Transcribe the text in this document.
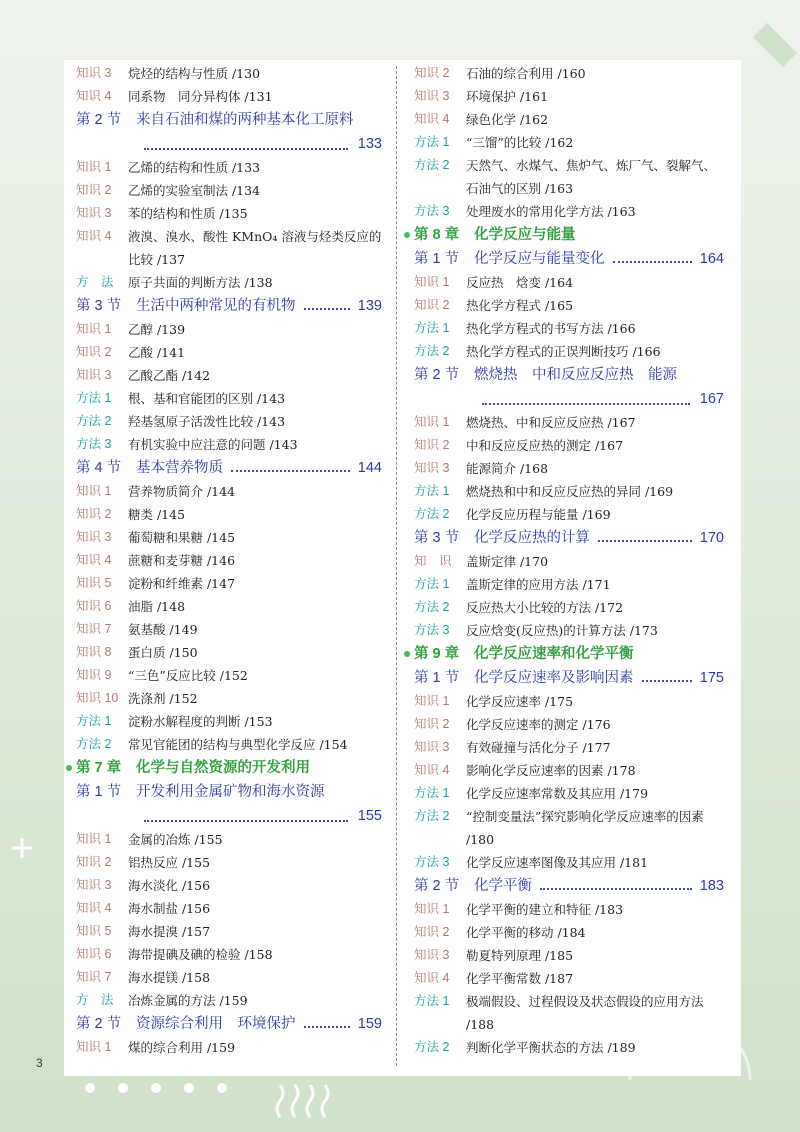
知识 3	烷烃的结构与性质 /130
知识 4	同系物　同分异构体 /131
第 2 节	来自石油和煤的两种基本化工原料
133
知识 1	乙烯的结构和性质 /133
知识 2	乙烯的实验室制法 /134
知识 3	苯的结构和性质 /135
知识 4	液溴、溴水、酸性 KMnO₄ 溶液与烃类反应的比较 /137
方　法	原子共面的判断方法 /138
第 3 节	生活中两种常见的有机物	139
知识 1	乙醇 /139
知识 2	乙酸 /141
知识 3	乙酸乙酯 /142
方法 1	根、基和官能团的区别 /143
方法 2	羟基氢原子活泼性比较 /143
方法 3	有机实验中应注意的问题 /143
第 4 节	基本营养物质	144
知识 1	营养物质简介 /144
知识 2	糖类 /145
知识 3	葡萄糖和果糖 /145
知识 4	蔗糖和麦芽糖 /146
知识 5	淀粉和纤维素 /147
知识 6	油脂 /148
知识 7	氨基酸 /149
知识 8	蛋白质 /150
知识 9	“三色”反应比较 /152
知识 10 洗涤剂 /152
方法 1	淀粉水解程度的判断 /153
方法 2	常见官能团的结构与典型化学反应 /154
第 7 章	化学与自然资源的开发利用
第 1 节	开发利用金属矿物和海水资源
155
知识 1	金属的冶炼 /155
知识 2	铝热反应 /155
知识 3	海水淡化 /156
知识 4	海水制盐 /156
知识 5	海水提溴 /157
知识 6	海带提碘及碘的检验 /158
知识 7	海水提镁 /158
方　法	冶炼金属的方法 /159
第 2 节	资源综合利用　环境保护	159
知识 1	煤的综合利用 /159
知识 2	石油的综合利用 /160
知识 3	环境保护 /161
知识 4	绿色化学 /162
方法 1	“三馏”的比较 /162
方法 2	天然气、水煤气、焦炉气、炼厂气、裂解气、石油气的区别 /163
方法 3	处理废水的常用化学方法 /163
第 8 章	化学反应与能量
第 1 节	化学反应与能量变化	164
知识 1	反应热　焓变 /164
知识 2	热化学方程式 /165
方法 1	热化学方程式的书写方法 /166
方法 2	热化学方程式的正误判断技巧 /166
第 2 节	燃烧热　中和反应反应热　能源
167
知识 1	燃烧热、中和反应反应热 /167
知识 2	中和反应反应热的测定 /167
知识 3	能源简介 /168
方法 1	燃烧热和中和反应反应热的异同 /169
方法 2	化学反应历程与能量 /169
第 3 节	化学反应热的计算	170
知　识	盖斯定律 /170
方法 1	盖斯定律的应用方法 /171
方法 2	反应热大小比较的方法 /172
方法 3	反应焓变(反应热)的计算方法 /173
第 9 章	化学反应速率和化学平衡
第 1 节	化学反应速率及影响因素	175
知识 1	化学反应速率 /175
知识 2	化学反应速率的测定 /176
知识 3	有效碰撞与活化分子 /177
知识 4	影响化学反应速率的因素 /178
方法 1	化学反应速率常数及其应用 /179
方法 2	“控制变量法”探究影响化学反应速率的因素 /180
方法 3	化学反应速率图像及其应用 /181
第 2 节	化学平衡	183
知识 1	化学平衡的建立和特征 /183
知识 2	化学平衡的移动 /184
知识 3	勒夏特列原理 /185
知识 4	化学平衡常数 /187
方法 1	极端假设、过程假设及状态假设的应用方法 /188
方法 2	判断化学平衡状态的方法 /189
3
